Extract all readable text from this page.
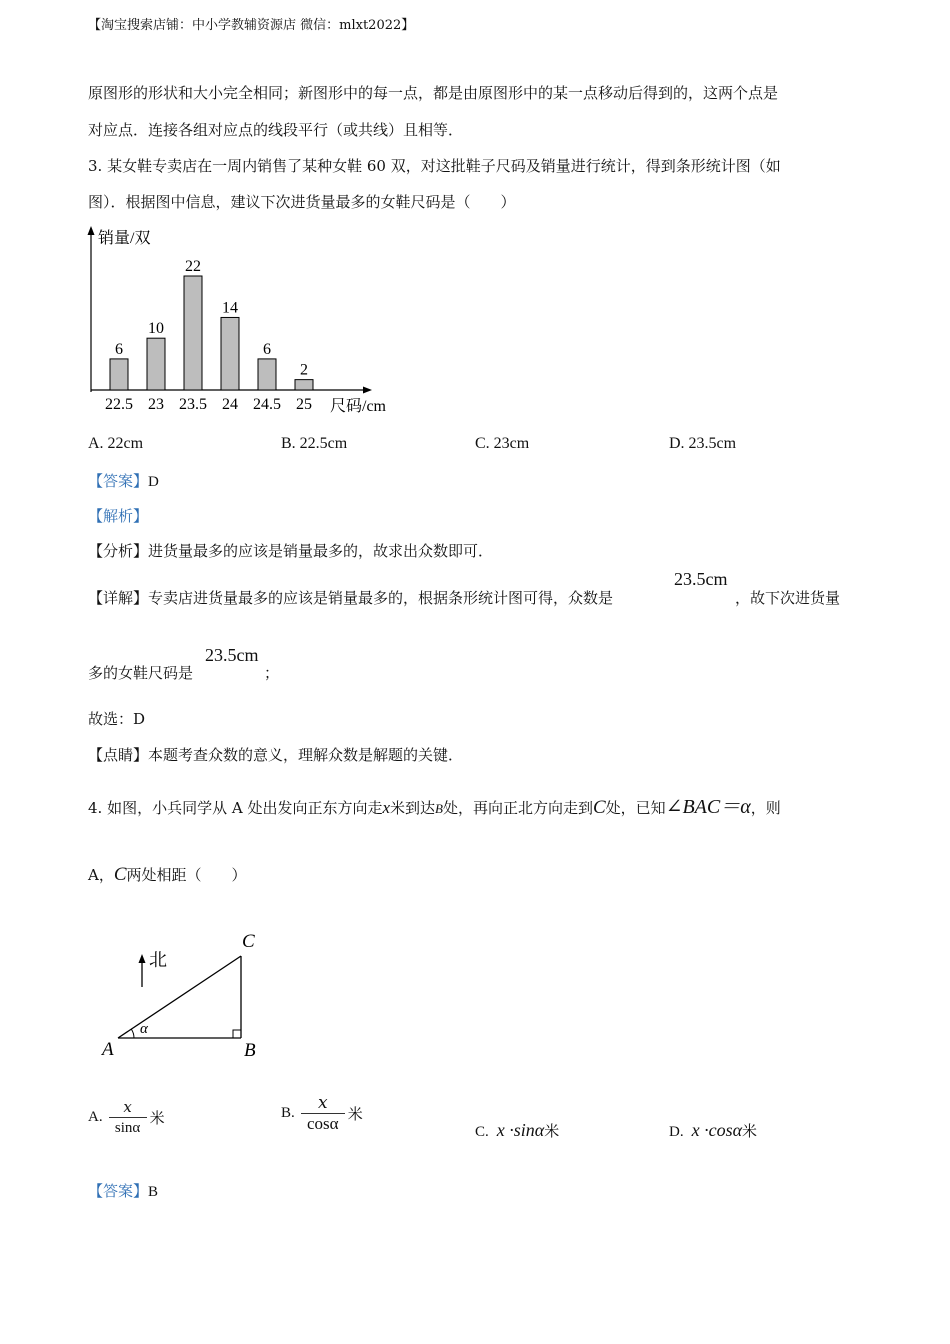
【淘宝搜索店铺：中小学教辅资源店 微信：mlxt2022】
原图形的形状和大小完全相同；新图形中的每一点，都是由原图形中的某一点移动后得到的，这两个点是
对应点．连接各组对应点的线段平行（或共线）且相等．
3. 某女鞋专卖店在一周内销售了某种女鞋 60 双，对这批鞋子尺码及销量进行统计，得到条形统计图（如
图）．根据图中信息，建议下次进货量最多的女鞋尺码是（　　）
销量/双
尺码/cm
6
10
22
14
6
2
22.5 23 23.5 24 24.5 25
A. 22cm	B. 22.5cm	C. 23cm	D. 23.5cm
【答案】D
【解析】
【分析】进货量最多的应该是销量最多的，故求出众数即可．
【详解】专卖店进货量最多的应该是销量最多的，根据条形统计图可得，众数是
23.5cm
，故下次进货量
多的女鞋尺码是
23.5cm
；
故选：D
【点睛】本题考查众数的意义，理解众数是解题的关键．
4. 如图，小兵同学从 A 处出发向正东方向走x米到达B处，再向正北方向走到C处，已知∠BAC＝α，则
A，C两处相距（　　）
北
α
A	B
C
A. $\frac{x}{\sin\alpha}$ 米	B. $\frac{x}{\cos\alpha}$ 米
C. x ·sinα米	D. x ·cosα米
【答案】B
